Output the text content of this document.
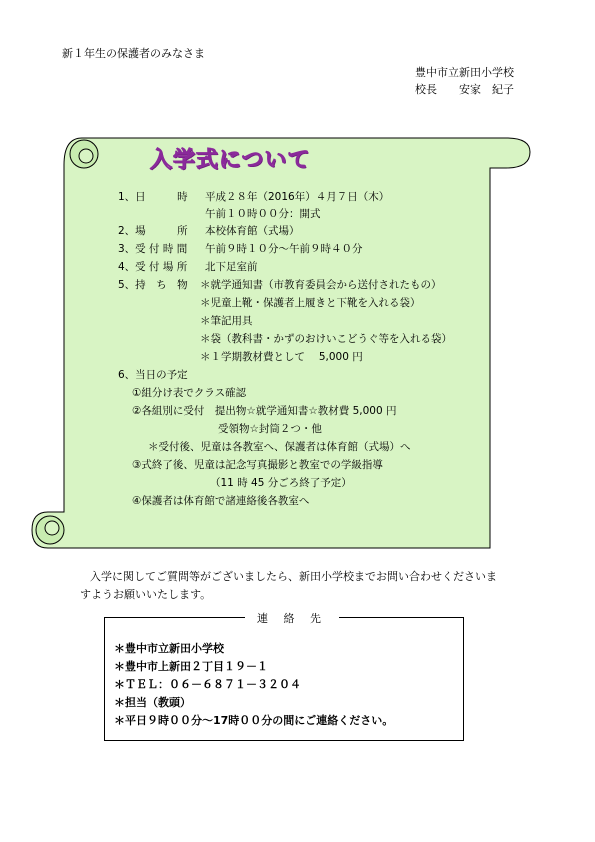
新１年生の保護者のみなさま
豊中市立新田小学校
校長　　安家　紀子
入学式について
1、日　　　時 平成２８年（2016年）４月７日（木）
午前１０時００分：開式
2、場　　　所 本校体育館（式場）
3、受 付 時 間 午前９時１０分～午前９時４０分
4、受 付 場 所 北下足室前
5、持　ち　物 ＊就学通知書（市教育委員会から送付されたもの）
＊児童上靴・保護者上履きと下靴を入れる袋）
＊筆記用具
＊袋（教科書・かずのおけいこどうぐ等を入れる袋）
＊１学期教材費として　 5,000 円
6、当日の予定
①組分け表でクラス確認
②各組別に受付　提出物☆就学通知書☆教材費 5,000 円
受領物☆封筒２つ・他
＊受付後、児童は各教室へ、保護者は体育館（式場）へ
③式終了後、児童は記念写真撮影と教室での学級指導
（11 時 45 分ごろ終了予定）
④保護者は体育館で諸連絡後各教室へ
入学に関してご質問等がございましたら、新田小学校までお問い合わせくださいま
すようお願いいたします。
連 絡 先
＊豊中市立新田小学校
＊豊中市上新田２丁目１９－１
＊ＴＥＬ：０６－６８７１－３２０４
＊担当（教頭）
＊平日９時００分～17時００分の間にご連絡ください。
